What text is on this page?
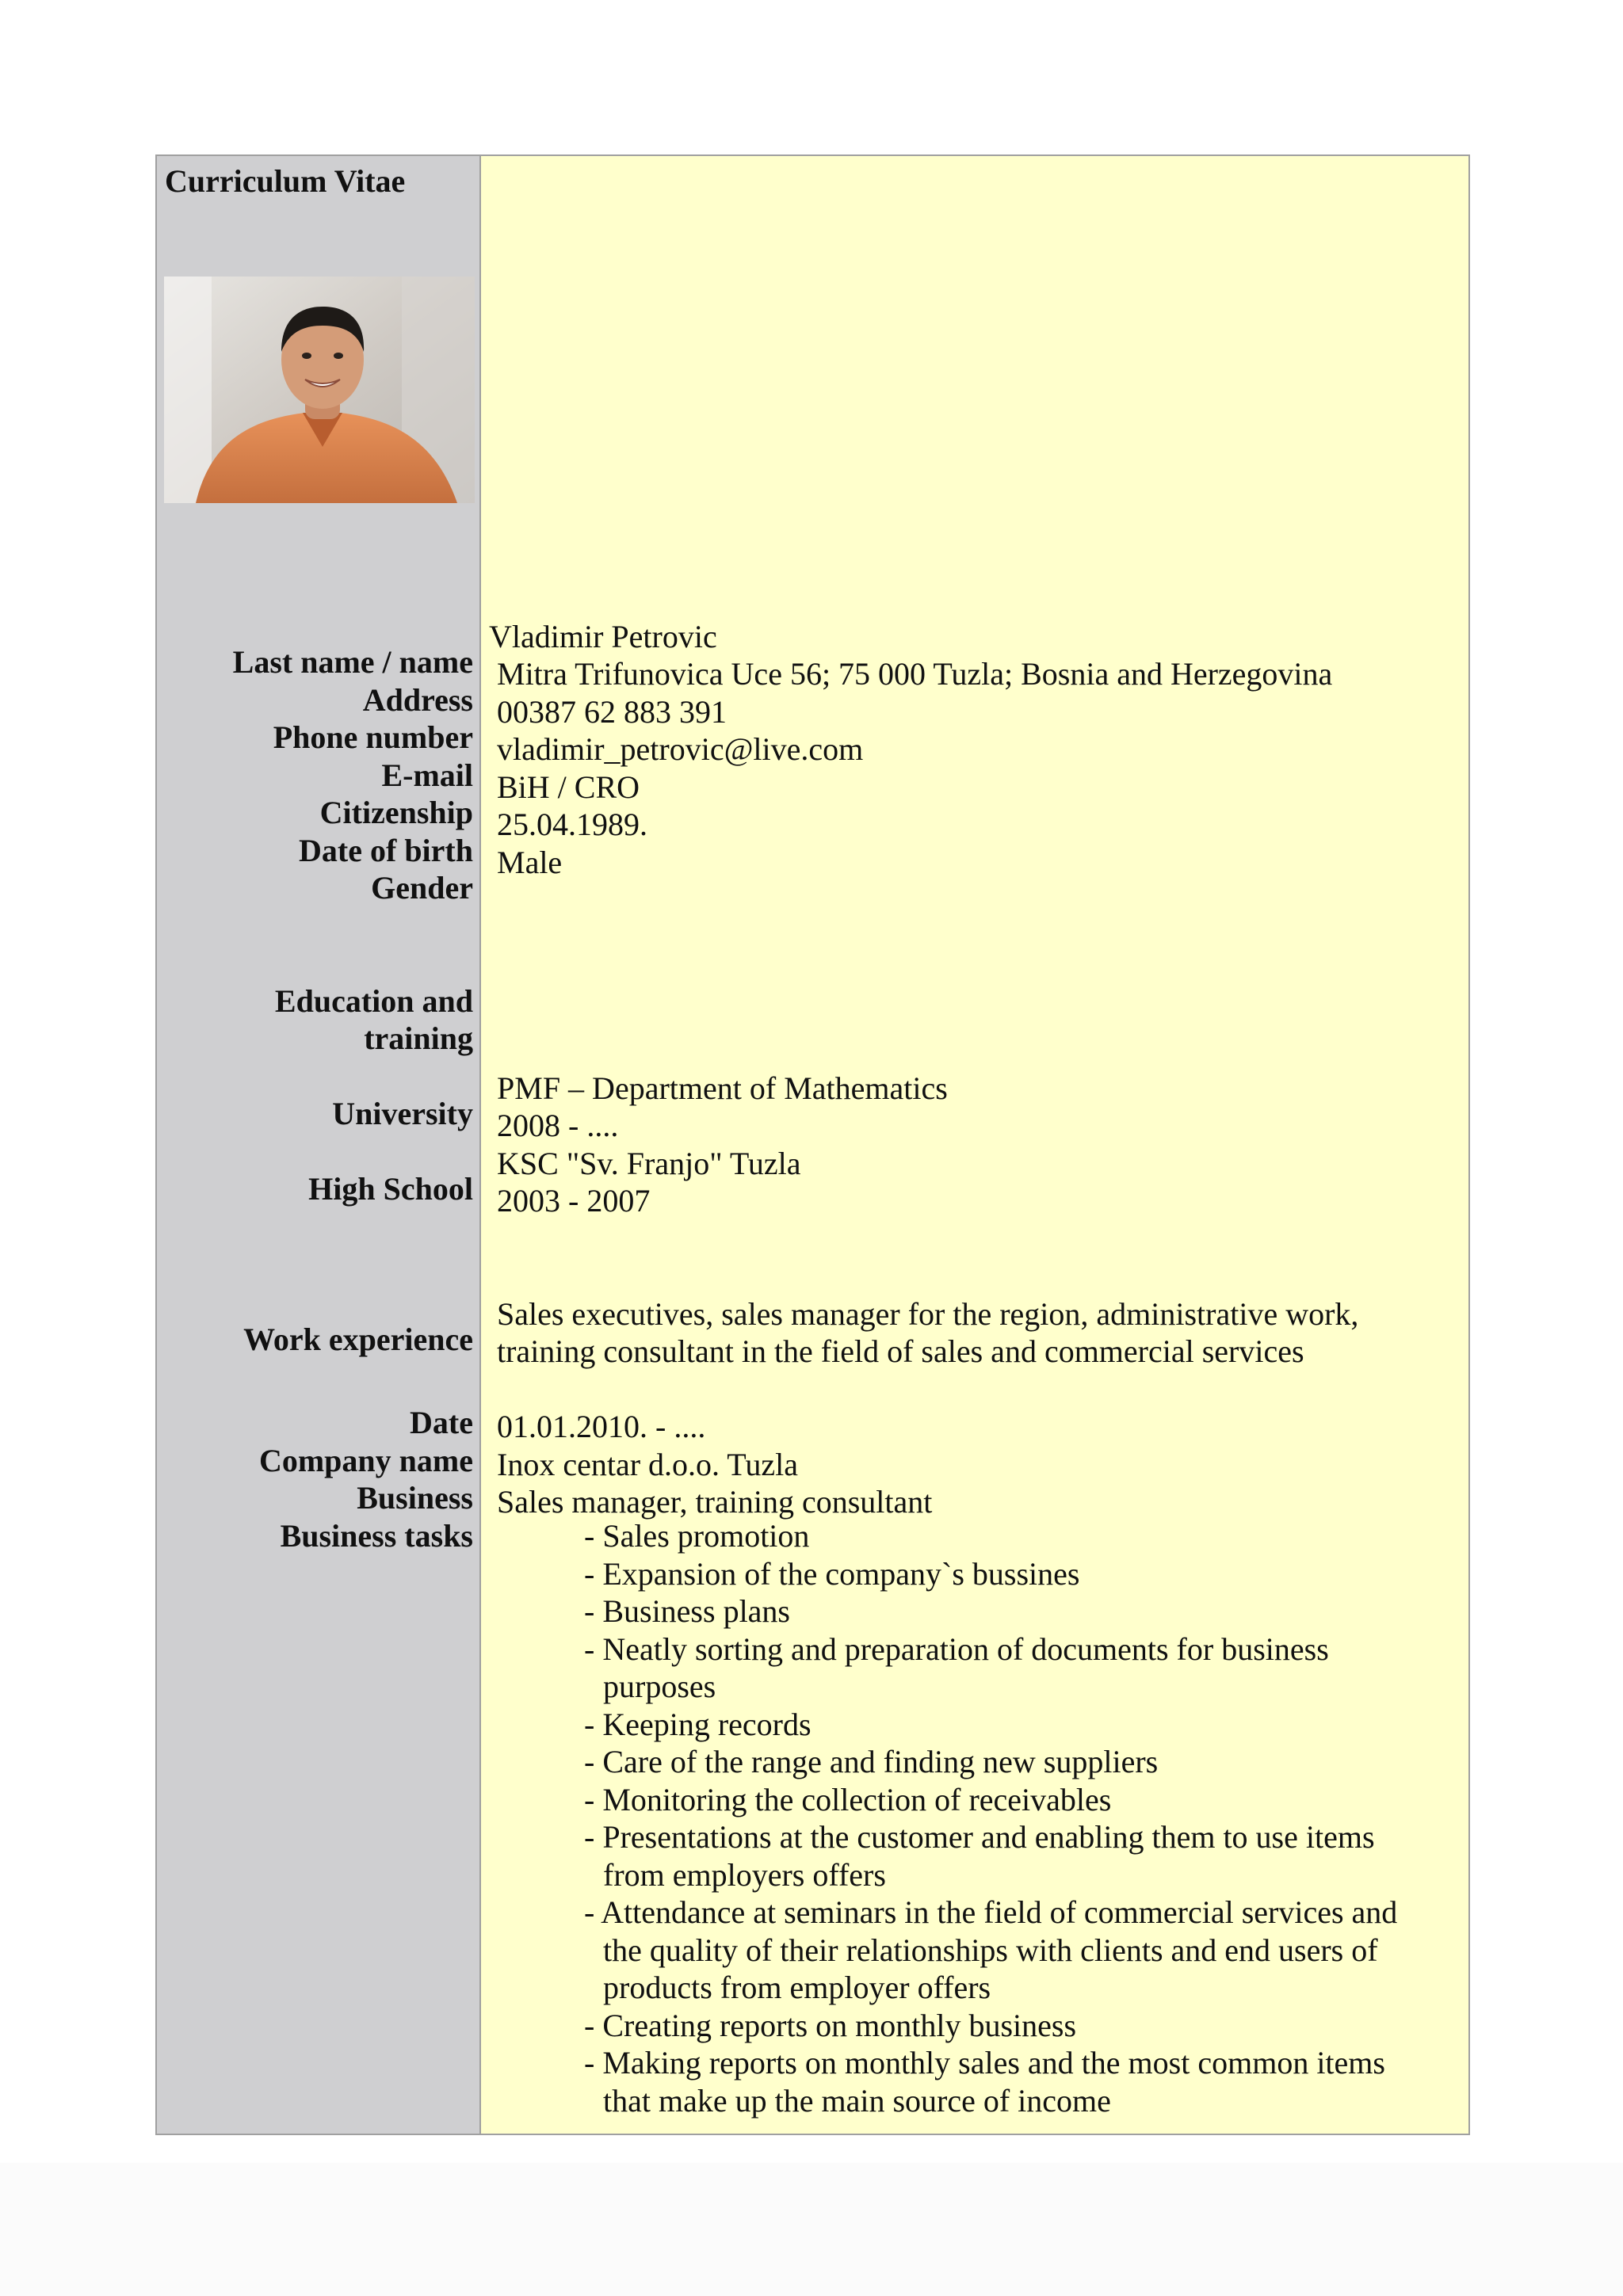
Curriculum Vitae
Last name / name
Address
Phone number
E-mail
Citizenship
Date of birth
Gender
Education and
training
University
High School
Work experience
Date
Company name
Business
Business tasks
Vladimir Petrovic
Mitra Trifunovica Uce 56; 75 000 Tuzla; Bosnia and Herzegovina
00387 62 883 391
vladimir_petrovic@live.com
BiH / CRO
25.04.1989.
Male
PMF – Department of Mathematics
2008 - ....
KSC "Sv. Franjo" Tuzla
2003 - 2007
Sales executives, sales manager for the region, administrative work,
training consultant in the field of sales and commercial services
01.01.2010. - ....
Inox centar d.o.o. Tuzla
Sales manager, training consultant
- Sales promotion
- Expansion of the company`s bussines
- Business plans
- Neatly sorting and preparation of documents for business purposes
- Keeping records
- Care of the range and finding new suppliers
- Monitoring the collection of receivables
- Presentations at the customer and enabling them to use items from employers offers
- Attendance at seminars in the field of commercial services and the quality of their relationships with clients and end users of products from employer offers
- Creating reports on monthly business
- Making reports on monthly sales and the most common items that make up the main source of income
